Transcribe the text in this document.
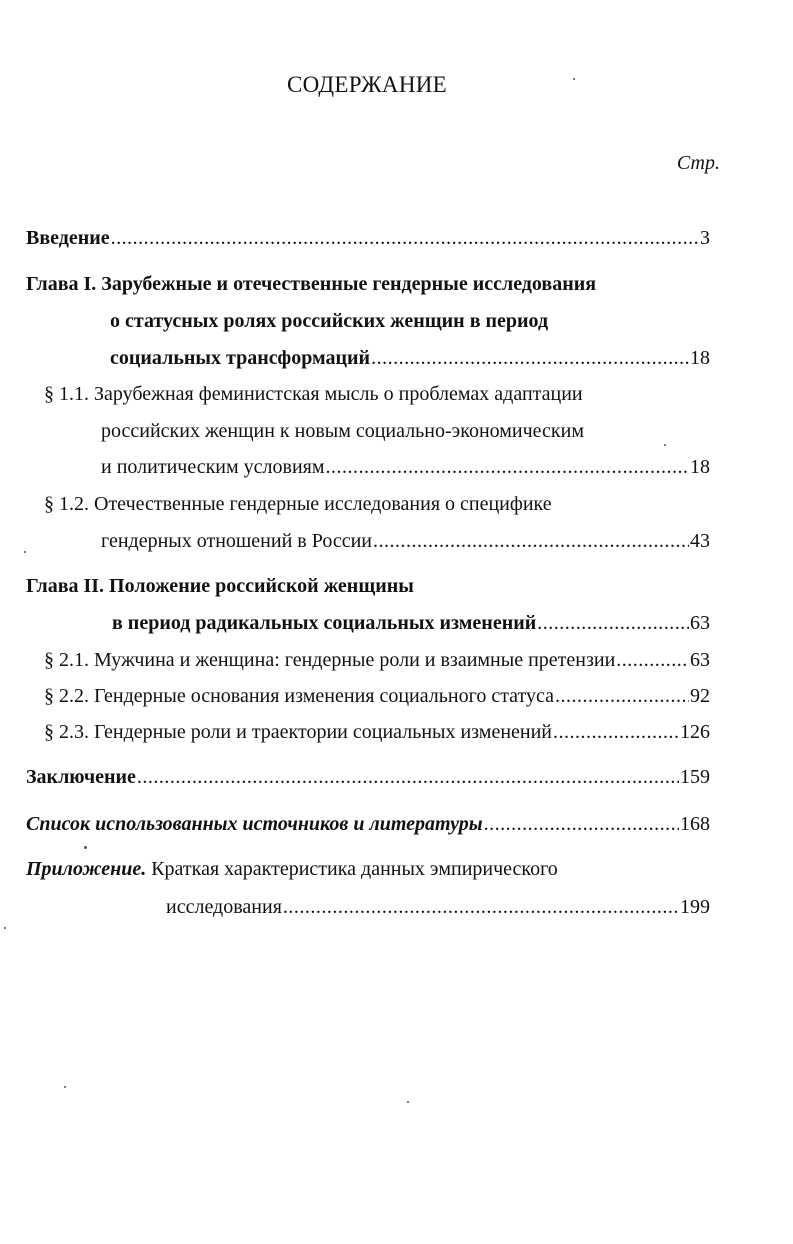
СОДЕРЖАНИЕ
Стр.
Введение .....	3
Глава I. Зарубежные и отечественные гендерные исследования
о статусных ролях российских женщин в период
социальных трансформаций .....	18
§ 1.1. Зарубежная феминистская мысль о проблемах адаптации
российских женщин к новым социально-экономическим
и политическим условиям .....	18
§ 1.2. Отечественные гендерные исследования о специфике
гендерных отношений в России .....	43
Глава II. Положение российской женщины
в период радикальных социальных изменений .....	63
§ 2.1. Мужчина и женщина: гендерные роли и взаимные претензии .....	63
§ 2.2. Гендерные основания изменения социального статуса .....	92
§ 2.3. Гендерные роли и траектории социальных изменений .....	126
Заключение .....	159
Список использованных источников и литературы .....	168
Приложение. Краткая характеристика данных эмпирического
исследования .....	199
